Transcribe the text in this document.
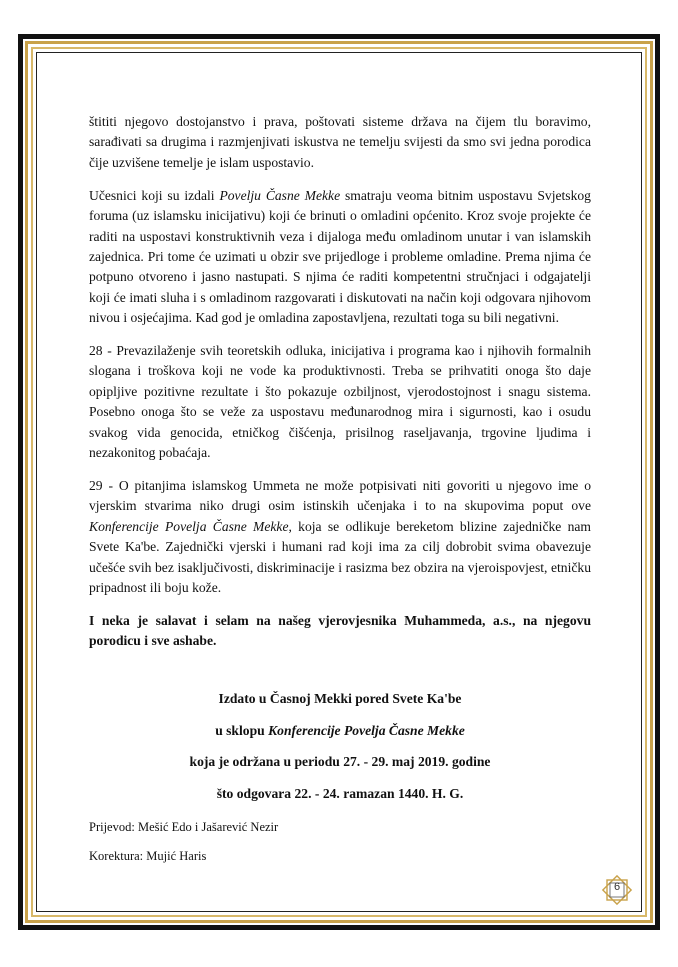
štititi njegovo dostojanstvo i prava, poštovati sisteme država na čijem tlu boravimo, sarađivati sa drugima i razmjenjivati iskustva ne temelju svijesti da smo svi jedna porodica čije uzvišene temelje je islam uspostavio.

Učesnici koji su izdali Povelju Časne Mekke smatraju veoma bitnim uspostavu Svjetskog foruma (uz islamsku inicijativu) koji će brinuti o omladini općenito. Kroz svoje projekte će raditi na uspostavi konstruktivnih veza i dijaloga među omladinom unutar i van islamskih zajednica. Pri tome će uzimati u obzir sve prijedloge i probleme omladine. Prema njima će potpuno otvoreno i jasno nastupati. S njima će raditi kompetentni stručnjaci i odgajatelji koji će imati sluha i s omladinom razgovarati i diskutovati na način koji odgovara njihovom nivou i osjećajima. Kad god je omladina zapostavljena, rezultati toga su bili negativni.

28 - Prevazilaženje svih teoretskih odluka, inicijativa i programa kao i njihovih formalnih slogana i troškova koji ne vode ka produktivnosti. Treba se prihvatiti onoga što daje opipljive pozitivne rezultate i što pokazuje ozbiljnost, vjerodostojnost i snagu sistema. Posebno onoga što se veže za uspostavu međunarodnog mira i sigurnosti, kao i osudu svakog vida genocida, etničkog čišćenja, prisilnog raseljavanja, trgovine ljudima i nezakonitog pobaćaja.

29 - O pitanjima islamskog Ummeta ne može potpisivati niti govoriti u njegovo ime o vjerskim stvarima niko drugi osim istinskih učenjaka i to na skupovima poput ove Konferencije Povelja Časne Mekke, koja se odlikuje bereketom blizine zajedničke nam Svete Ka'be. Zajednički vjerski i humani rad koji ima za cilj dobrobit svima obavezuje učešće svih bez isaključivosti, diskriminacije i rasizma bez obzira na vjeroispovjest, etničku pripadnost ili boju kože.

I neka je salavat i selam na našeg vjerovjesnika Muhammeda, a.s., na njegovu porodicu i sve ashabe.

Izdato u Časnoj Mekki pored Svete Ka'be
u sklopu Konferencije Povelja Časne Mekke
koja je održana u periodu 27. - 29. maj 2019. godine
što odgovara 22. - 24. ramazan 1440. H. G.
Prijevod: Mešić Edo i Jašarević Nezir
Korektura: Mujić Haris
6
